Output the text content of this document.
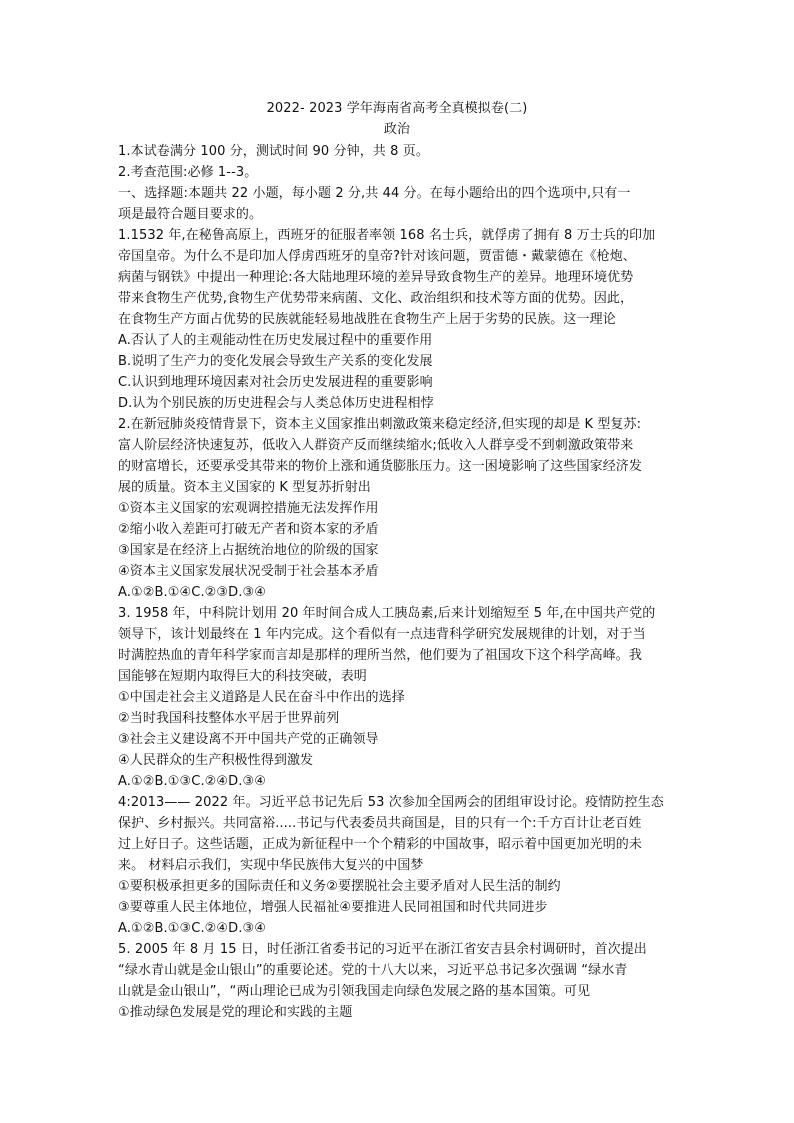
2022- 2023 学年海南省高考全真模拟卷(二)
政治
1.本试卷满分 100 分，测试时间 90 分钟，共 8 页。
2.考查范围:必修 1--3。
一、选择题:本题共 22 小题，每小题 2 分,共 44 分。在每小题给出的四个选项中,只有一
项是最符合题目要求的。
1.1532 年,在秘鲁高原上，西班牙的征服者率领 168 名士兵，就俘虏了拥有 8 万士兵的印加
帝国皇帝。为什么不是印加人俘虏西班牙的皇帝?针对该问题，贾雷德・戴蒙德在《枪炮、
病菌与钢铁》中提出一种理论:各大陆地理环境的差异导致食物生产的差异。地理环境优势
带来食物生产优势,食物生产优势带来病菌、文化、政治组织和技术等方面的优势。因此，
在食物生产方面占优势的民族就能轻易地战胜在食物生产上居于劣势的民族。这一理论
A.否认了人的主观能动性在历史发展过程中的重要作用
B.说明了生产力的变化发展会导致生产关系的变化发展
C.认识到地理环境因素对社会历史发展进程的重要影响
D.认为个别民族的历史进程会与人类总体历史进程相悖
2.在新冠肺炎疫情背景下，资本主义国家推出刺激政策来稳定经济,但实现的却是 K 型复苏:
富人阶层经济快速复苏，低收入人群资产反而继续缩水;低收入人群享受不到刺激政策带来
的财富增长，还要承受其带来的物价上涨和通货膨胀压力。这一困境影响了这些国家经济发
展的质量。资本主义国家的 K 型复苏折射出
①资本主义国家的宏观调控措施无法发挥作用
②缩小收入差距可打破无产者和资本家的矛盾
③国家是在经济上占据统治地位的阶级的国家
④资本主义国家发展状况受制于社会基本矛盾
A.①②B.①④C.②③D.③④
3. 1958 年，中科院计划用 20 年时间合成人工胰岛素,后来计划缩短至 5 年,在中国共产党的
领导下，该计划最终在 1 年内完成。这个看似有一点违背科学研究发展规律的计划，对于当
时满腔热血的青年科学家而言却是那样的理所当然，他们要为了祖国攻下这个科学高峰。我
国能够在短期内取得巨大的科技突破，表明
①中国走社会主义道路是人民在奋斗中作出的选择
②当时我国科技整体水平居于世界前列
③社会主义建设离不开中国共产党的正确领导
④人民群众的生产积极性得到激发
A.①②B.①③C.②④D.③④
4:2013—— 2022 年。习近平总书记先后 53 次参加全国两会的团组审设讨论。疫情防控生态
保护、乡村振兴。共同富裕.....书记与代表委员共商国是，目的只有一个:千方百计让老百姓
过上好日子。这些话题，正成为新征程中一个个精彩的中国故事，昭示着中国更加光明的未
来。 材料启示我们，实现中华民族伟大复兴的中国梦
①要积极承担更多的国际责任和义务②要摆脱社会主要矛盾对人民生活的制约
③要尊重人民主体地位，增强人民福祉④要推进人民同祖国和时代共同进步
A.①②B.①③C.②④D.③④
5. 2005 年 8 月 15 日，时任浙江省委书记的习近平在浙江省安吉县余村调研时，首次提出
“绿水青山就是金山银山”的重要论述。党的十八大以来，习近平总书记多次强调 “绿水青
山就是金山银山”，“两山理论已成为引领我国走向绿色发展之路的基本国策。可见
①推动绿色发展是党的理论和实践的主题
